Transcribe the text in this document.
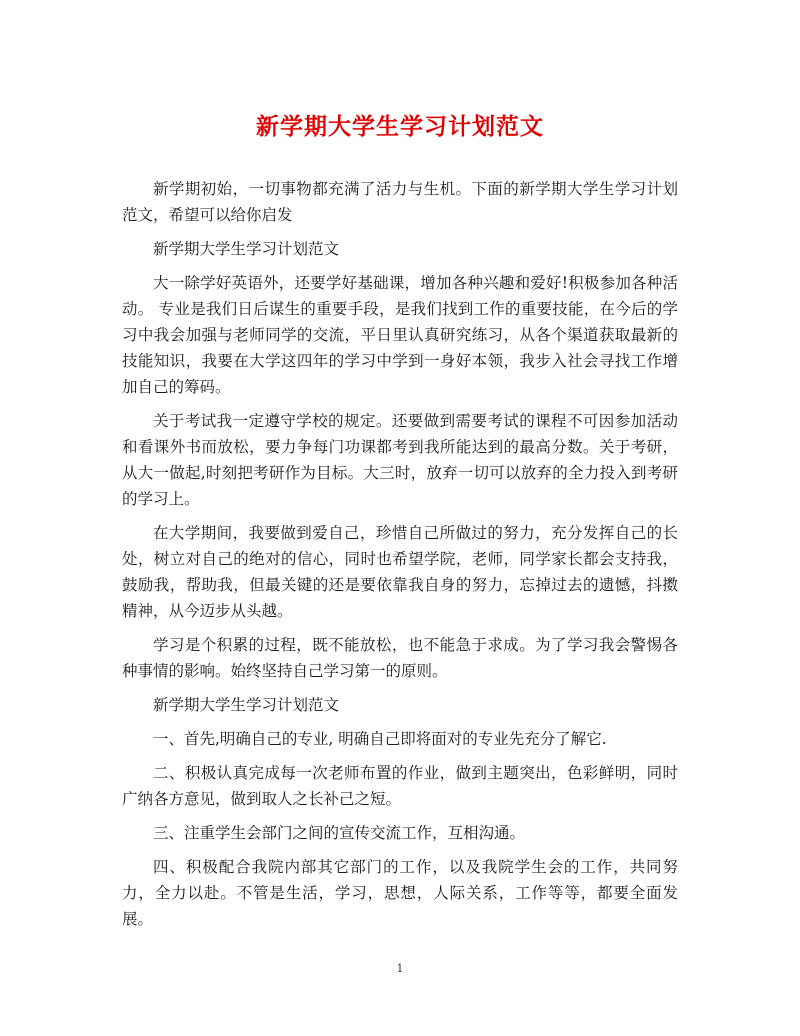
新学期大学生学习计划范文

新学期初始，一切事物都充满了活力与生机。下面的新学期大学生学习计划范文，希望可以给你启发

新学期大学生学习计划范文

大一除学好英语外，还要学好基础课，增加各种兴趣和爱好!积极参加各种活动。 专业是我们日后谋生的重要手段，是我们找到工作的重要技能，在今后的学习中我会加强与老师同学的交流，平日里认真研究练习，从各个渠道获取最新的技能知识，我要在大学这四年的学习中学到一身好本领，我步入社会寻找工作增加自己的筹码。

关于考试我一定遵守学校的规定。还要做到需要考试的课程不可因参加活动和看课外书而放松，要力争每门功课都考到我所能达到的最高分数。关于考研，从大一做起,时刻把考研作为目标。大三时，放弃一切可以放弃的全力投入到考研的学习上。

在大学期间，我要做到爱自己，珍惜自己所做过的努力，充分发挥自己的长处，树立对自己的绝对的信心，同时也希望学院，老师，同学家长都会支持我，鼓励我，帮助我，但最关键的还是要依靠我自身的努力，忘掉过去的遗憾，抖擞精神，从今迈步从头越。

学习是个积累的过程，既不能放松，也不能急于求成。为了学习我会警惕各种事情的影响。始终坚持自己学习第一的原则。

新学期大学生学习计划范文

一、首先,明确自己的专业, 明确自己即将面对的专业先充分了解它.

二、积极认真完成每一次老师布置的作业，做到主题突出，色彩鲜明，同时广纳各方意见，做到取人之长补己之短。

三、注重学生会部门之间的宣传交流工作，互相沟通。

四、积极配合我院内部其它部门的工作，以及我院学生会的工作，共同努力，全力以赴。不管是生活，学习，思想，人际关系，工作等等，都要全面发展。

1
